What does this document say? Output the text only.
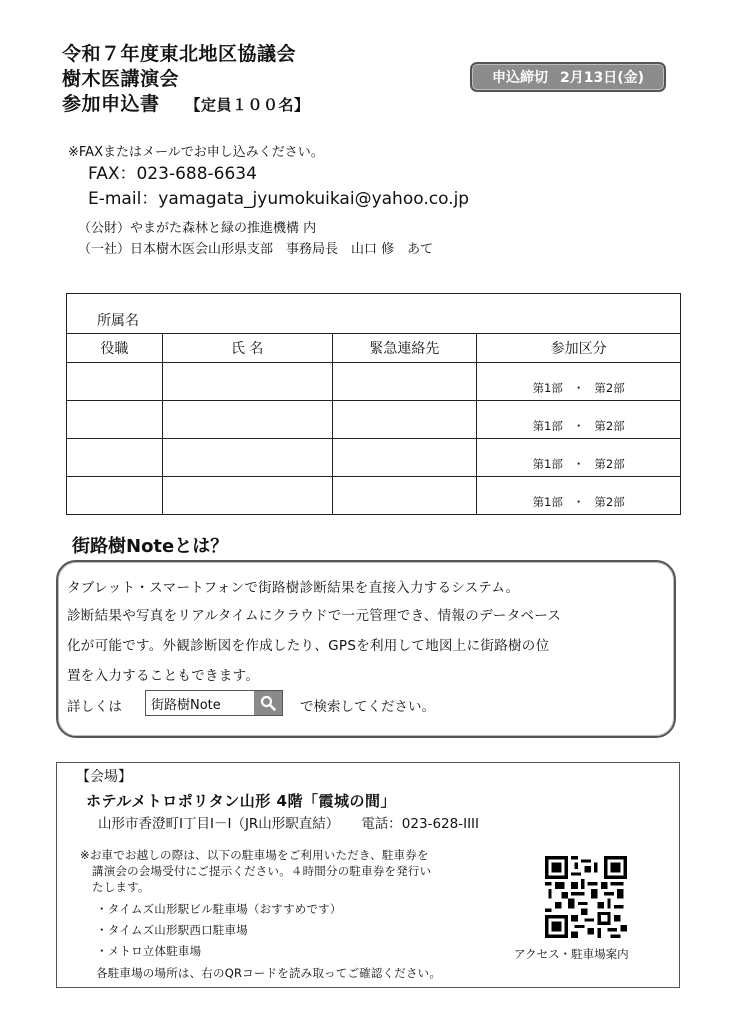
令和７年度東北地区協議会
樹木医講演会
参加申込書 【定員１００名】
申込締切 2月13日(金)
※FAXまたはメールでお申し込みください。
FAX：023-688-6634
E-mail：yamagata_jyumokuikai@yahoo.co.jp
（公財）やまがた森林と緑の推進機構 内
（一社）日本樹木医会山形県支部　事務局長　山口 修　あて
所属名			
役職	氏 名	緊急連絡先	参加区分
			第1部 ・ 第2部
			第1部 ・ 第2部
			第1部 ・ 第2部
			第1部 ・ 第2部
街路樹Noteとは？
タブレット・スマートフォンで街路樹診断結果を直接入力するシステム。
診断結果や写真をリアルタイムにクラウドで一元管理でき、情報のデータベース
化が可能です。外観診断図を作成したり、GPSを利用して地図上に街路樹の位
置を入力することもできます。
詳しくは	街路樹Note	で検索してください。
【会場】
ホテルメトロポリタン山形 4階「霞城の間」
山形市香澄町Ⅰ丁目Ⅰ－Ⅰ（JR山形駅直結） 電話：023-628-ⅠⅠⅠⅠ
※お車でお越しの際は、以下の駐車場をご利用いただき、駐車券を
講演会の会場受付にご提示ください。４時間分の駐車券を発行い
たします。
・タイムズ山形駅ビル駐車場（おすすめです）
・タイムズ山形駅西口駐車場
・メトロ立体駐車場
各駐車場の場所は、右のQRコードを読み取ってご確認ください。
アクセス・駐車場案内
